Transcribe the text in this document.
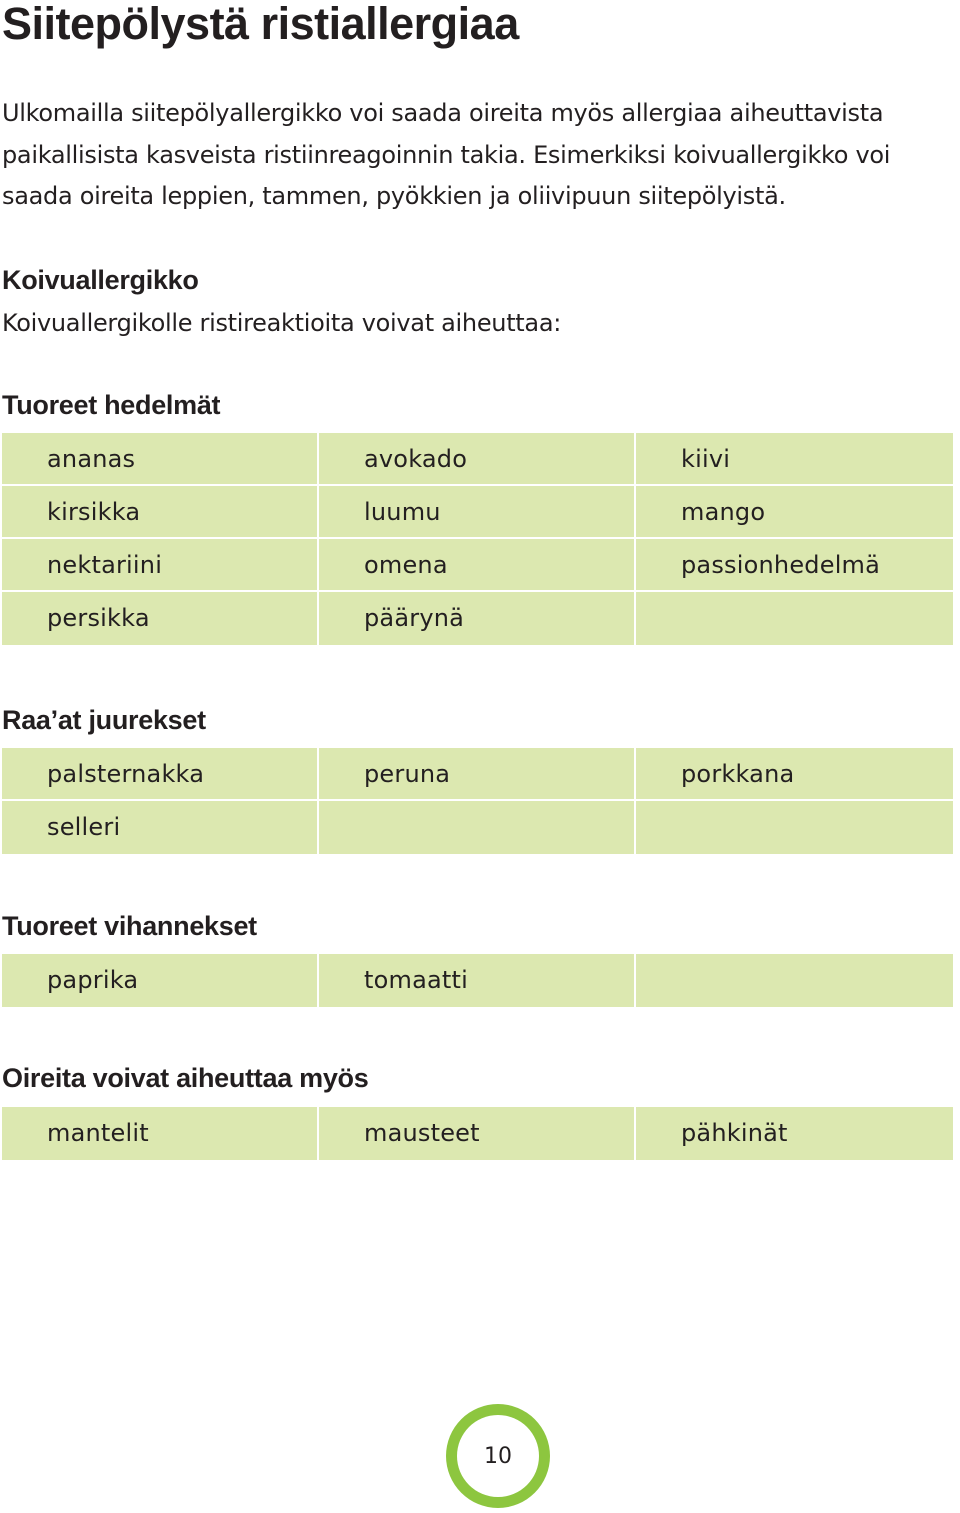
Siitepölystä ristiallergiaa

Ulkomailla siitepölyallergikko voi saada oireita myös allergiaa aiheuttavista paikallisista kasveista ristiinreagoinnin takia. Esimerkiksi koivuallergikko voi saada oireita leppien, tammen, pyökkien ja oliivipuun siitepölyistä.

Koivuallergikko

Koivuallergikolle ristireaktioita voivat aiheuttaa:

Tuoreet hedelmät
ananas	avokado	kiivi
kirsikka	luumu	mango
nektariini	omena	passionhedelmä
persikka	päärynä
Raa’at juurekset
palsternakka	peruna	porkkana
selleri
Tuoreet vihannekset
paprika	tomaatti
Oireita voivat aiheuttaa myös
mantelit	mausteet	pähkinät
10
